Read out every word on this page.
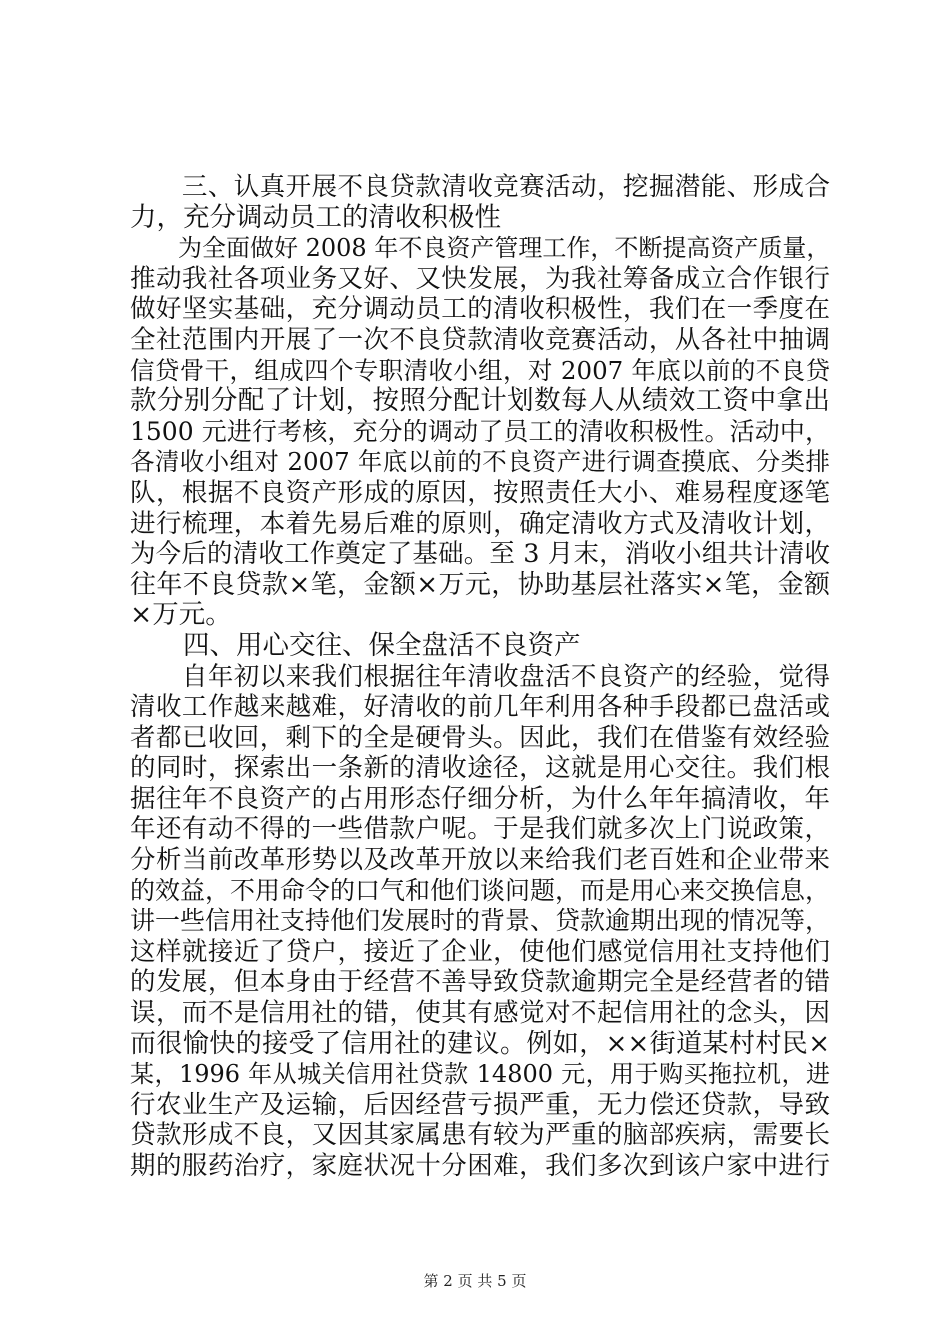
　　三、认真开展不良贷款清收竞赛活动，挖掘潜能、形成合
力，充分调动员工的清收积极性
　　为全面做好 2008 年不良资产管理工作，不断提高资产质量，
推动我社各项业务又好、又快发展，为我社筹备成立合作银行
做好坚实基础，充分调动员工的清收积极性，我们在一季度在
全社范围内开展了一次不良贷款清收竞赛活动，从各社中抽调
信贷骨干，组成四个专职清收小组，对 2007 年底以前的不良贷
款分别分配了计划，按照分配计划数每人从绩效工资中拿出
1500 元进行考核，充分的调动了员工的清收积极性。活动中，
各清收小组对 2007 年底以前的不良资产进行调查摸底、分类排
队，根据不良资产形成的原因，按照责任大小、难易程度逐笔
进行梳理，本着先易后难的原则，确定清收方式及清收计划，
为今后的清收工作奠定了基础。至 3 月末，消收小组共计清收
往年不良贷款×笔，金额×万元，协助基层社落实×笔，金额
×万元。
　　四、用心交往、保全盘活不良资产
　　自年初以来我们根据往年清收盘活不良资产的经验，觉得
清收工作越来越难，好清收的前几年利用各种手段都已盘活或
者都已收回，剩下的全是硬骨头。因此，我们在借鉴有效经验
的同时，探索出一条新的清收途径，这就是用心交往。我们根
据往年不良资产的占用形态仔细分析，为什么年年搞清收，年
年还有动不得的一些借款户呢。于是我们就多次上门说政策，
分析当前改革形势以及改革开放以来给我们老百姓和企业带来
的效益，不用命令的口气和他们谈问题，而是用心来交换信息，
讲一些信用社支持他们发展时的背景、贷款逾期出现的情况等，
这样就接近了贷户，接近了企业，使他们感觉信用社支持他们
的发展，但本身由于经营不善导致贷款逾期完全是经营者的错
误，而不是信用社的错，使其有感觉对不起信用社的念头，因
而很愉快的接受了信用社的建议。例如，××街道某村村民×
某，1996 年从城关信用社贷款 14800 元，用于购买拖拉机，进
行农业生产及运输，后因经营亏损严重，无力偿还贷款，导致
贷款形成不良，又因其家属患有较为严重的脑部疾病，需要长
期的服药治疗，家庭状况十分困难，我们多次到该户家中进行
第 2 页 共 5 页
